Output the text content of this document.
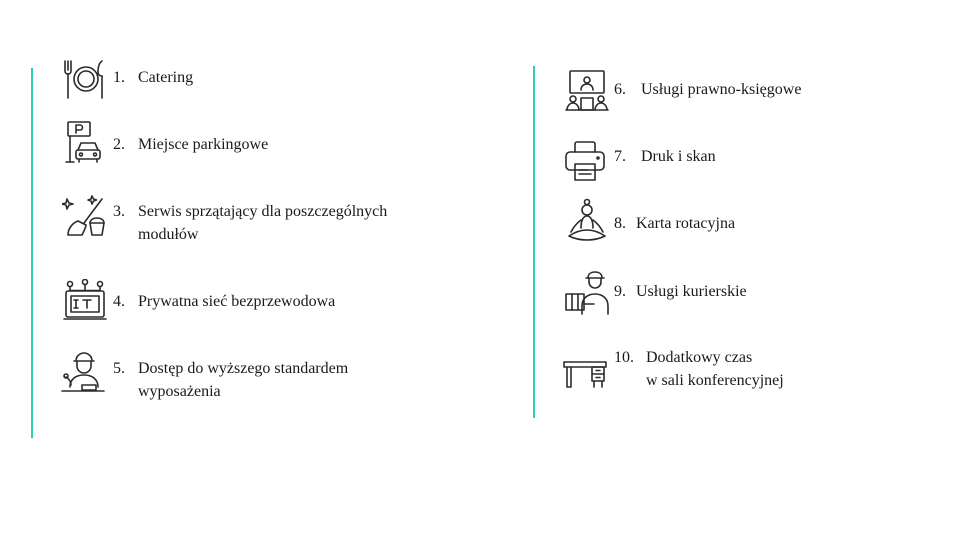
1. Catering
2. Miejsce parkingowe
3. Serwis sprzątający dla poszczególnych
modułów
4. Prywatna sieć bezprzewodowa
5. Dostęp do wyższego standardem
wyposażenia
6. Usługi prawno-księgowe
7. Druk i skan
8. Karta rotacyjna
9. Usługi kurierskie
10. Dodatkowy czas
w sali konferencyjnej
